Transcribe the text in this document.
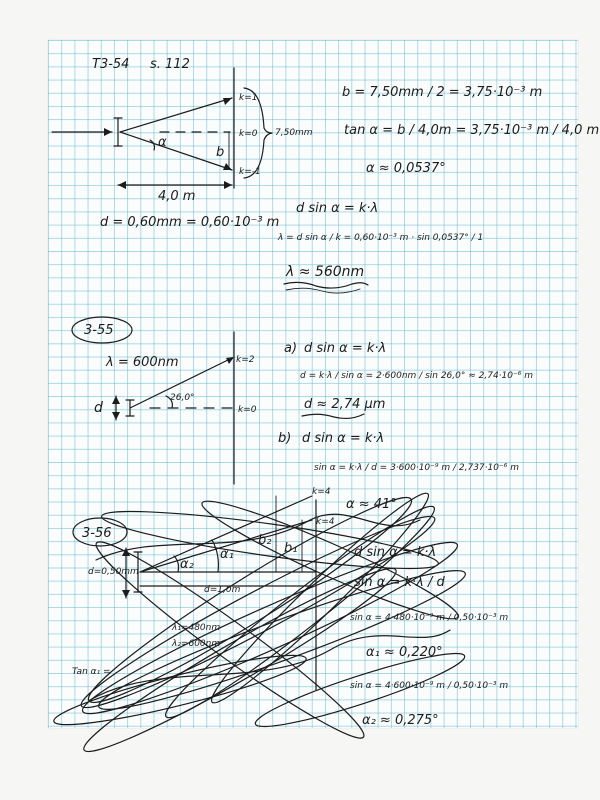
T3-54 s. 112
k=1
k=0
k=-1
7,50mm
b
α
4,0 m
d = 0,60mm = 0,60·10⁻³ m
b = 7,50mm / 2 = 3,75·10⁻³ m
tan α = b / 4,0m = 3,75·10⁻³ m / 4,0 m
α ≈ 0,0537°
d sin α = k·λ
λ = d sin α / k = 0,60·10⁻³ m · sin 0,0537° / 1
λ ≈ 560nm
3-55
λ = 600nm	k=2
k=0
26,0°
d
a) d sin α = k·λ
d = k·λ / sin α = 2·600nm / sin 26,0° ≈ 2,74·10⁻⁶ m
d ≈ 2,74 µm
b) d sin α = k·λ
sin α = k·λ / d = 3·600·10⁻⁹ m / 2,737·10⁻⁶ m
α ≈ 41°
3-56
d=0,50mm
d=1,0m
α₁
α₂
k=4
k=4
b₁
b₂
λ₁=480nm
λ₂=600nm
Tan α₁ =
d sin α = k·λ
sin α = k·λ / d
sin α = 4·480·10⁻⁹ m / 0,50·10⁻³ m
α₁ ≈ 0,220°
sin α = 4·600·10⁻⁹ m / 0,50·10⁻³ m
α₂ ≈ 0,275°
